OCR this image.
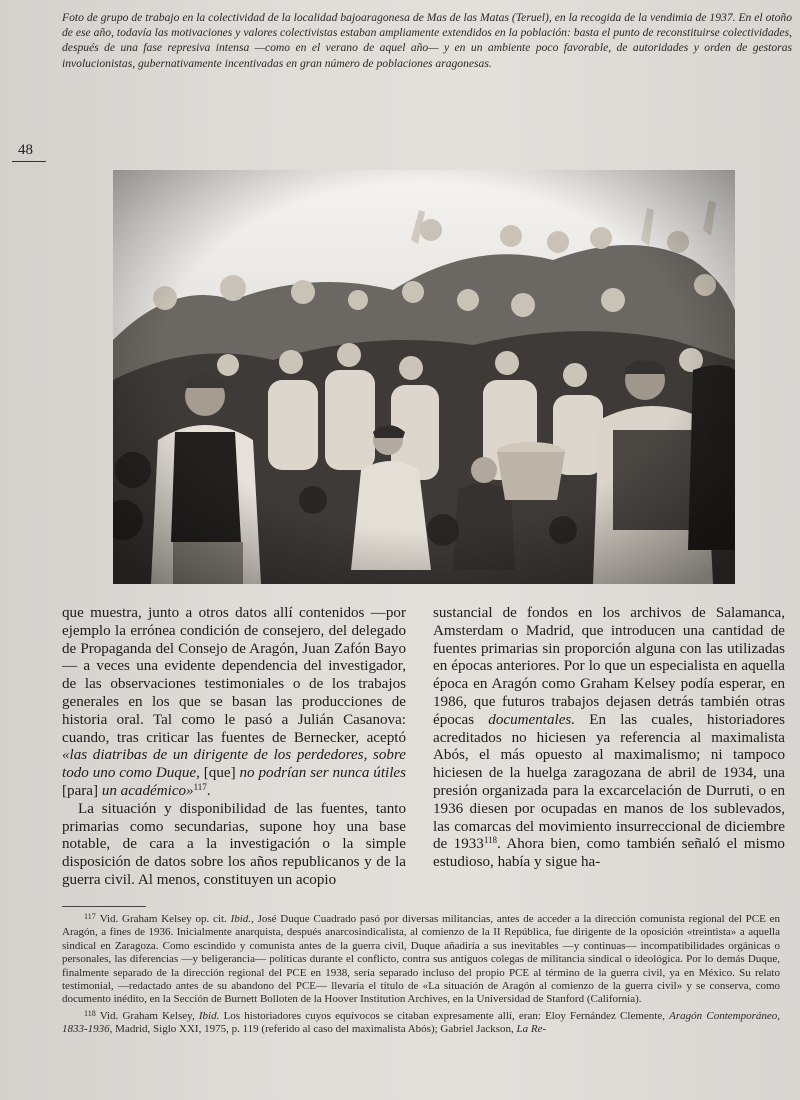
Foto de grupo de trabajo en la colectividad de la localidad bajoaragonesa de Mas de las Matas (Teruel), en la recogida de la vendimia de 1937. En el otoño de ese año, todavía las motivaciones y valores colectivistas estaban ampliamente extendidos en la población: basta el punto de reconstituirse colectividades, después de una fase represiva intensa —como en el verano de aquel año— y en un ambiente poco favorable, de autoridades y orden de gestoras involucionistas, gubernativamente incentivadas en gran número de poblaciones aragonesas.
48

que muestra, junto a otros datos allí contenidos —por ejemplo la errónea condición de consejero, del delegado de Propaganda del Consejo de Aragón, Juan Zafón Bayo— a veces una evidente dependencia del investigador, de las observaciones testimoniales o de los trabajos generales en los que se basan las producciones de historia oral. Tal como le pasó a Julián Casanova: cuando, tras criticar las fuentes de Bernecker, aceptó «las diatribas de un dirigente de los perdedores, sobre todo uno como Duque, [que] no podrían ser nunca útiles [para] un académico»$^{117}$.

La situación y disponibilidad de las fuentes, tanto primarias como secundarias, supone hoy una base notable, de cara a la investigación o la simple disposición de datos sobre los años republicanos y de la guerra civil. Al menos, constituyen un acopio

sustancial de fondos en los archivos de Salamanca, Amsterdam o Madrid, que introducen una cantidad de fuentes primarias sin proporción alguna con las utilizadas en épocas anteriores. Por lo que un especialista en aquella época en Aragón como Graham Kelsey podía esperar, en 1986, que futuros trabajos dejasen detrás también otras épocas documentales. En las cuales, historiadores acreditados no hiciesen ya referencia al maximalista Abós, el más opuesto al maximalismo; ni tampoco hiciesen de la huelga zaragozana de abril de 1934, una presión organizada para la excarcelación de Durruti, o en 1936 diesen por ocupadas en manos de los sublevados, las comarcas del movimiento insurreccional de diciembre de 1933$^{118}$. Ahora bien, como también señaló el mismo estudioso, había y sigue ha-

$^{117}$ Vid. Graham Kelsey op. cit. Ibid., José Duque Cuadrado pasó por diversas militancias, antes de acceder a la dirección comunista regional del PCE en Aragón, a fines de 1936. Inicialmente anarquista, después anarcosindicalista, al comienzo de la II República, fue dirigente de la oposición «treintista» a aquella sindical en Zaragoza. Como escindido y comunista antes de la guerra civil, Duque añadiría a sus inevitables —y continuas— incompatibilidades orgánicas o personales, las diferencias —y beligerancia— políticas durante el conflicto, contra sus antiguos colegas de militancia sindical o ideológica. Por lo demás Duque, finalmente separado de la dirección regional del PCE en 1938, sería separado incluso del propio PCE al término de la guerra civil, ya en México. Su relato testimonial, —redactado antes de su abandono del PCE— llevaría el título de «La situación de Aragón al comienzo de la guerra civil» y se conserva, como documento inédito, en la Sección de Burnett Bolloten de la Hoover Institution Archives, en la Universidad de Stanford (California).

$^{118}$ Vid. Graham Kelsey, Ibid. Los historiadores cuyos equívocos se citaban expresamente allí, eran: Eloy Fernández Clemente, Aragón Contemporáneo, 1833-1936, Madrid, Siglo XXI, 1975, p. 119 (referido al caso del maximalista Abós); Gabriel Jackson, La Re-
